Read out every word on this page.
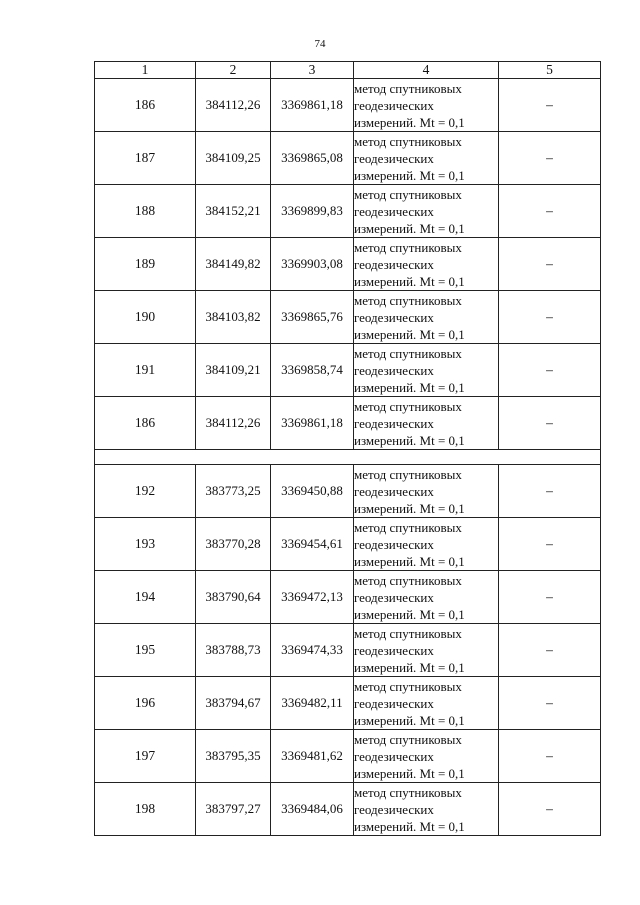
74
1	2	3	4	5
186	384112,26	3369861,18	метод спутниковых
геодезических
измерений. Mt = 0,1	–
187	384109,25	3369865,08	метод спутниковых
геодезических
измерений. Mt = 0,1	–
188	384152,21	3369899,83	метод спутниковых
геодезических
измерений. Mt = 0,1	–
189	384149,82	3369903,08	метод спутниковых
геодезических
измерений. Mt = 0,1	–
190	384103,82	3369865,76	метод спутниковых
геодезических
измерений. Mt = 0,1	–
191	384109,21	3369858,74	метод спутниковых
геодезических
измерений. Mt = 0,1	–
186	384112,26	3369861,18	метод спутниковых
геодезических
измерений. Mt = 0,1	–

192	383773,25	3369450,88	метод спутниковых
геодезических
измерений. Mt = 0,1	–
193	383770,28	3369454,61	метод спутниковых
геодезических
измерений. Mt = 0,1	–
194	383790,64	3369472,13	метод спутниковых
геодезических
измерений. Mt = 0,1	–
195	383788,73	3369474,33	метод спутниковых
геодезических
измерений. Mt = 0,1	–
196	383794,67	3369482,11	метод спутниковых
геодезических
измерений. Mt = 0,1	–
197	383795,35	3369481,62	метод спутниковых
геодезических
измерений. Mt = 0,1	–
198	383797,27	3369484,06	метод спутниковых
геодезических
измерений. Mt = 0,1	–
